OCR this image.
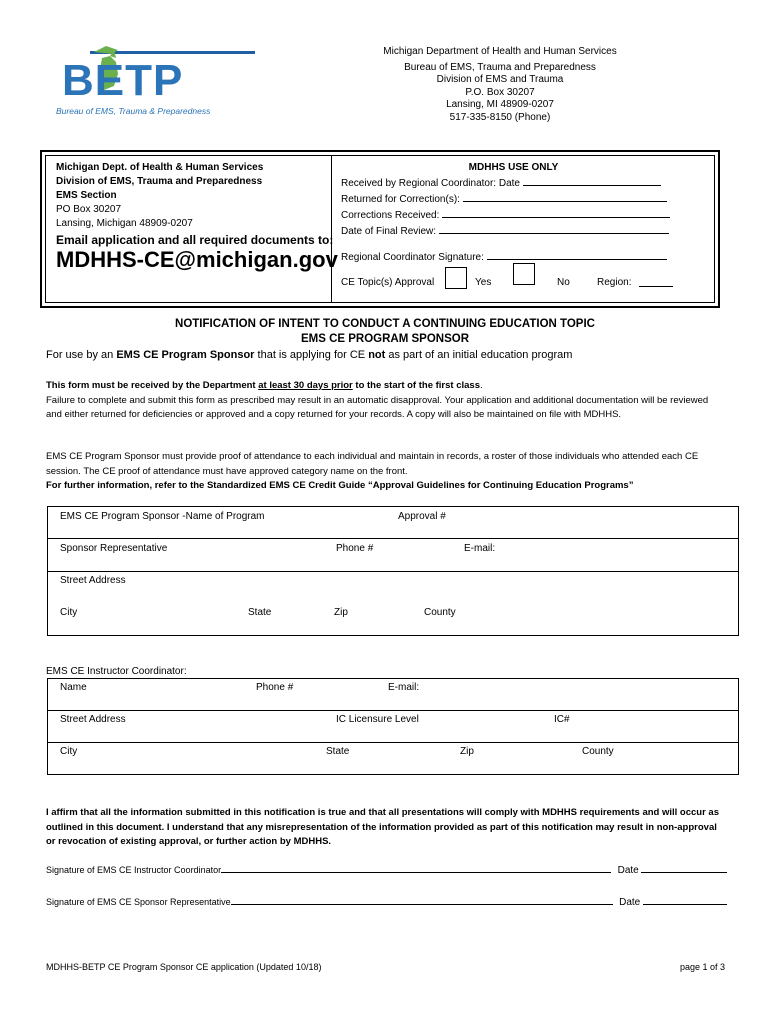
BETP
Bureau of EMS, Trauma & Preparedness
Michigan Department of Health and Human Services
Bureau of EMS, Trauma and Preparedness
Division of EMS and Trauma
P.O. Box 30207
Lansing, MI 48909-0207
517-335-8150 (Phone)
Michigan Dept. of Health & Human Services
Division of EMS, Trauma and Preparedness
EMS Section
PO Box 30207
Lansing, Michigan 48909-0207
Email application and all required documents to:
MDHHS-CE@michigan.gov
MDHHS USE ONLY
Received by Regional Coordinator: Date
Returned for Correction(s):
Corrections Received:
Date of Final Review:
Regional Coordinator Signature:
CE Topic(s) Approval	Yes	No	Region:
NOTIFICATION OF INTENT TO CONDUCT A CONTINUING EDUCATION TOPIC
EMS CE PROGRAM SPONSOR
For use by an EMS CE Program Sponsor that is applying for CE not as part of an initial education program
This form must be received by the Department at least 30 days prior to the start of the first class.
Failure to complete and submit this form as prescribed may result in an automatic disapproval. Your application and additional documentation will be reviewed and either returned for deficiencies or approved and a copy returned for your records. A copy will also be maintained on file with MDHHS.
EMS CE Program Sponsor must provide proof of attendance to each individual and maintain in records, a roster of those individuals who attended each CE session. The CE proof of attendance must have approved category name on the front.
For further information, refer to the Standardized EMS CE Credit Guide “Approval Guidelines for Continuing Education Programs”
EMS CE Program Sponsor -Name of Program	Approval #
Sponsor Representative	Phone #	E-mail:
Street Address
City	State	Zip	County
EMS CE Instructor Coordinator:
Name	Phone #	E-mail:
Street Address	IC Licensure Level	IC#
City	State	Zip	County
I affirm that all the information submitted in this notification is true and that all presentations will comply with MDHHS requirements and will occur as outlined in this document. I understand that any misrepresentation of the information provided as part of this notification may result in non-approval or revocation of existing approval, or further action by MDHHS.
Signature of EMS CE Instructor Coordinator	Date
Signature of EMS CE Sponsor Representative	Date
MDHHS-BETP CE Program Sponsor CE application (Updated 10/18)	page 1 of 3
